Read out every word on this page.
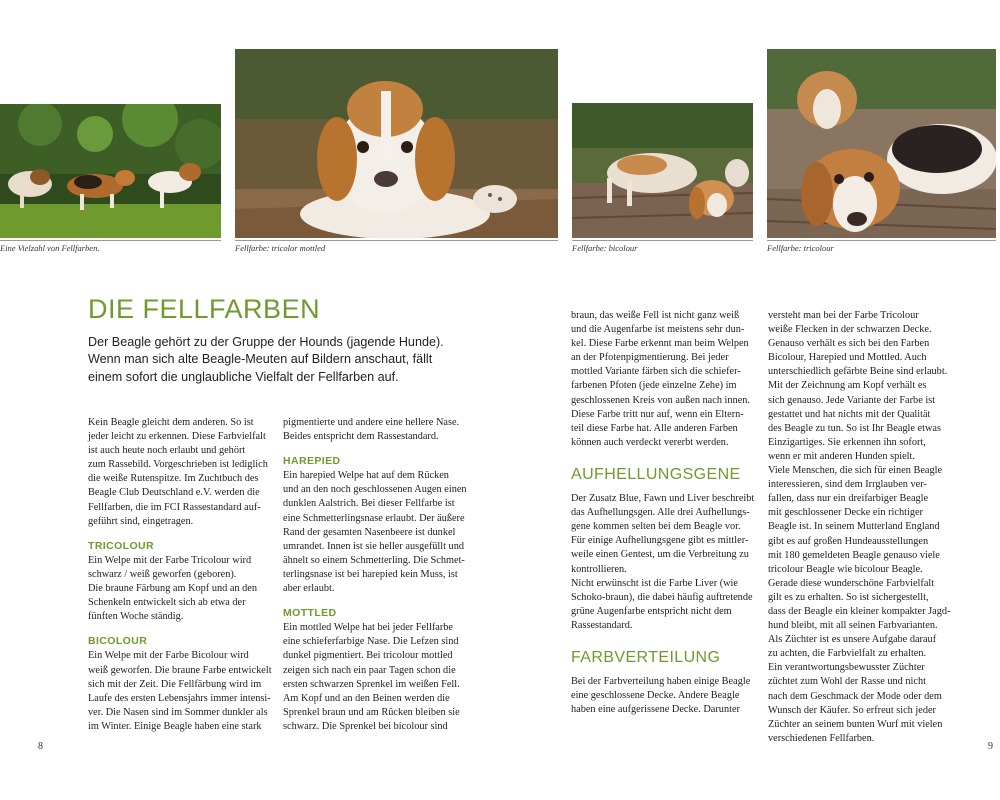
Eine Vielzahl von Fellfarben.	Fellfarbe: tricolor mottled	Fellfarbe: bicolour	Fellfarbe: tricolour
DIE FELLFARBEN

Der Beagle gehört zu der Gruppe der Hounds (jagende Hunde). Wenn man sich alte Beagle-Meuten auf Bildern anschaut, fällt einem sofort die unglaubliche Vielfalt der Fellfarben auf.

Kein Beagle gleicht dem anderen. So ist
jeder leicht zu erkennen. Diese Farbvielfalt
ist auch heute noch erlaubt und gehört
zum Rassebild. Vorgeschrieben ist lediglich
die weiße Rutenspitze. Im Zuchtbuch des
Beagle Club Deutschland e.V. werden die
Fellfarben, die im FCI Rassestandard auf-
geführt sind, eingetragen.
TRICOLOUR
Ein Welpe mit der Farbe Tricolour wird
schwarz / weiß geworfen (geboren).
Die braune Färbung am Kopf und an den
Schenkeln entwickelt sich ab etwa der
fünften Woche ständig.
BICOLOUR
Ein Welpe mit der Farbe Bicolour wird
weiß geworfen. Die braune Farbe entwickelt
sich mit der Zeit. Die Fellfärbung wird im
Laufe des ersten Lebensjahrs immer intensi-
ver. Die Nasen sind im Sommer dunkler als
im Winter. Einige Beagle haben eine stark
pigmentierte und andere eine hellere Nase.
Beides entspricht dem Rassestandard.
HAREPIED
Ein harepied Welpe hat auf dem Rücken
und an den noch geschlossenen Augen einen
dunklen Aalstrich. Bei dieser Fellfarbe ist
eine Schmetterlingsnase erlaubt. Der äußere
Rand der gesamten Nasenbeere ist dunkel
umrandet. Innen ist sie heller ausgefüllt und
ähnelt so einem Schmetterling. Die Schmet-
terlingsnase ist bei harepied kein Muss, ist
aber erlaubt.
MOTTLED
Ein mottled Welpe hat bei jeder Fellfarbe
eine schieferfarbige Nase. Die Lefzen sind
dunkel pigmentiert. Bei tricolour mottled
zeigen sich nach ein paar Tagen schon die
ersten schwarzen Sprenkel im weißen Fell.
Am Kopf und an den Beinen werden die
Sprenkel braun und am Rücken bleiben sie
schwarz. Die Sprenkel bei bicolour sind
braun, das weiße Fell ist nicht ganz weiß
und die Augenfarbe ist meistens sehr dun-
kel. Diese Farbe erkennt man beim Welpen
an der Pfotenpigmentierung. Bei jeder
mottled Variante färben sich die schiefer-
farbenen Pfoten (jede einzelne Zehe) im
geschlossenen Kreis von außen nach innen.
Diese Farbe tritt nur auf, wenn ein Eltern-
teil diese Farbe hat. Alle anderen Farben
können auch verdeckt vererbt werden.
AUFHELLUNGSGENE
Der Zusatz Blue, Fawn und Liver beschreibt
das Aufhellungsgen. Alle drei Aufhellungs-
gene kommen selten bei dem Beagle vor.
Für einige Aufhellungsgene gibt es mittler-
weile einen Gentest, um die Verbreitung zu
kontrollieren.
Nicht erwünscht ist die Farbe Liver (wie
Schoko-braun), die dabei häufig auftretende
grüne Augenfarbe entspricht nicht dem
Rassestandard.
FARBVERTEILUNG
Bei der Farbverteilung haben einige Beagle
eine geschlossene Decke. Andere Beagle
haben eine aufgerissene Decke. Darunter
versteht man bei der Farbe Tricolour
weiße Flecken in der schwarzen Decke.
Genauso verhält es sich bei den Farben
Bicolour, Harepied und Mottled. Auch
unterschiedlich gefärbte Beine sind erlaubt.
Mit der Zeichnung am Kopf verhält es
sich genauso. Jede Variante der Farbe ist
gestattet und hat nichts mit der Qualität
des Beagle zu tun. So ist Ihr Beagle etwas
Einzigartiges. Sie erkennen ihn sofort,
wenn er mit anderen Hunden spielt.
Viele Menschen, die sich für einen Beagle
interessieren, sind dem Irrglauben ver-
fallen, dass nur ein dreifarbiger Beagle
mit geschlossener Decke ein richtiger
Beagle ist. In seinem Mutterland England
gibt es auf großen Hundeausstellungen
mit 180 gemeldeten Beagle genauso viele
tricolour Beagle wie bicolour Beagle.
Gerade diese wunderschöne Farbvielfalt
gilt es zu erhalten. So ist sichergestellt,
dass der Beagle ein kleiner kompakter Jagd-
hund bleibt, mit all seinen Farbvarianten.
Als Züchter ist es unsere Aufgabe darauf
zu achten, die Farbvielfalt zu erhalten.
Ein verantwortungsbewusster Züchter
züchtet zum Wohl der Rasse und nicht
nach dem Geschmack der Mode oder dem
Wunsch der Käufer. So erfreut sich jeder
Züchter an seinem bunten Wurf mit vielen
verschiedenen Fellfarben.
8	9
